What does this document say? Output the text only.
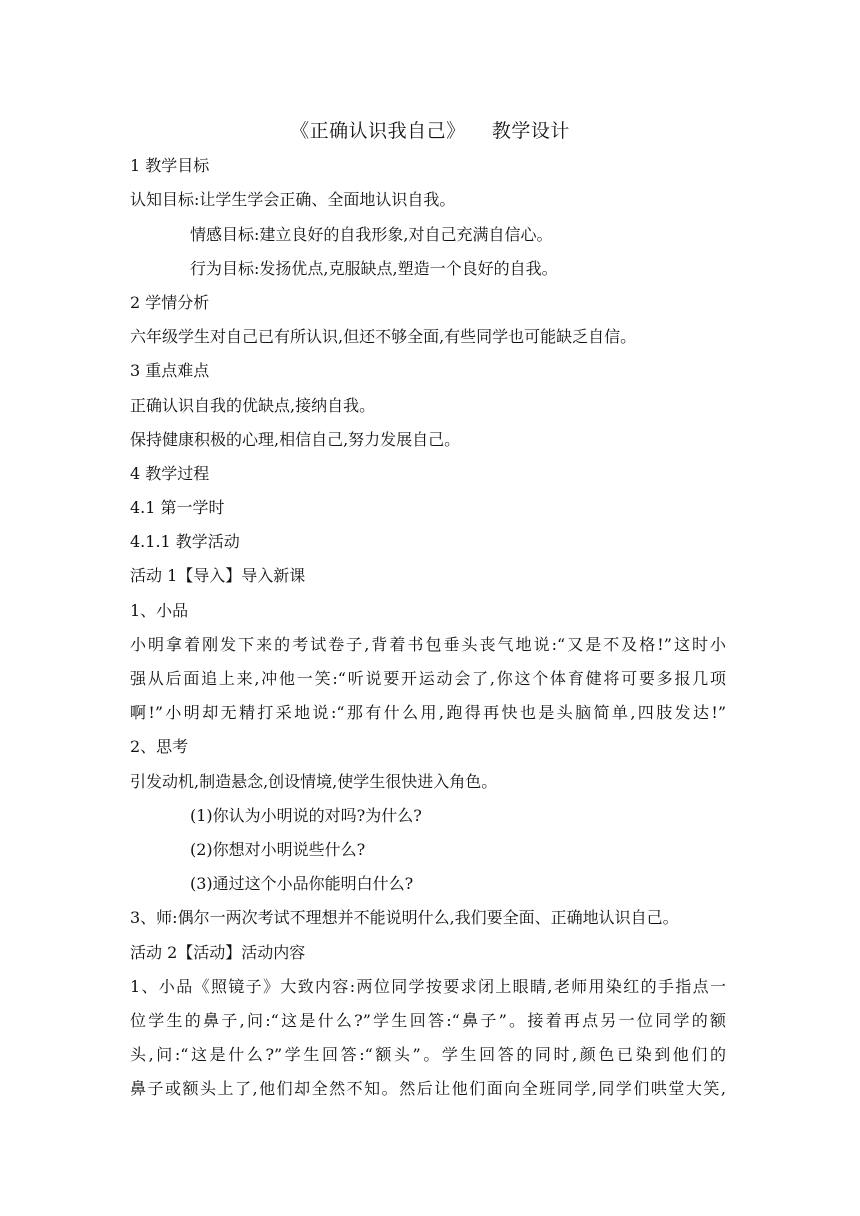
《正确认识我自己》    教学设计
1 教学目标
认知目标:让学生学会正确、全面地认识自我。
情感目标:建立良好的自我形象,对自己充满自信心。
行为目标:发扬优点,克服缺点,塑造一个良好的自我。
2 学情分析
六年级学生对自己已有所认识,但还不够全面,有些同学也可能缺乏自信。
3 重点难点
正确认识自我的优缺点,接纳自我。
保持健康积极的心理,相信自己,努力发展自己。
4 教学过程
4.1 第一学时
4.1.1 教学活动
活动 1【导入】导入新课
1、小品
小明拿着刚发下来的考试卷子,背着书包垂头丧气地说:“又是不及格!”这时小
强从后面追上来,冲他一笑:“听说要开运动会了,你这个体育健将可要多报几项
啊!”小明却无精打采地说:“那有什么用,跑得再快也是头脑简单,四肢发达!”
2、思考
引发动机,制造悬念,创设情境,使学生很快进入角色。
(1)你认为小明说的对吗?为什么?
(2)你想对小明说些什么?
(3)通过这个小品你能明白什么?
3、师:偶尔一两次考试不理想并不能说明什么,我们要全面、正确地认识自己。
活动 2【活动】活动内容
1、小品《照镜子》大致内容:两位同学按要求闭上眼睛,老师用染红的手指点一
位学生的鼻子,问:“这是什么?”学生回答:“鼻子”。接着再点另一位同学的额
头,问:“这是什么?”学生回答:“额头”。学生回答的同时,颜色已染到他们的
鼻子或额头上了,他们却全然不知。然后让他们面向全班同学,同学们哄堂大笑,
